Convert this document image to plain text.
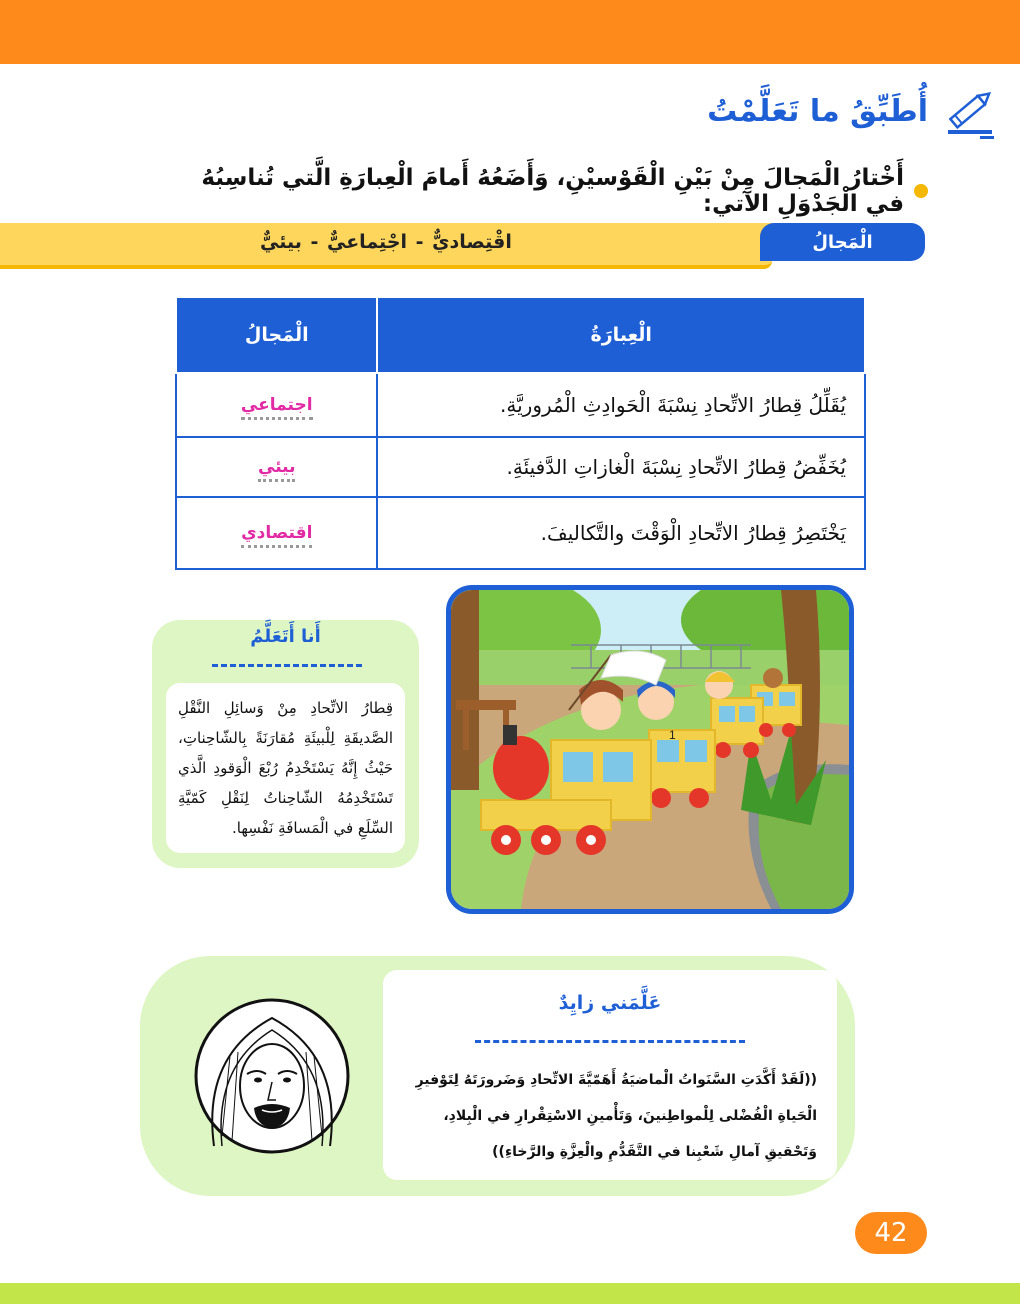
أُطَبِّقُ ما تَعَلَّمْتُ
أَخْتارُ الْمَجالَ مِنْ بَيْنِ الْقَوْسيْنِ، وَأَضَعُهُ أَمامَ الْعِبارَةِ الَّتي تُناسِبُهُ في الْجَدْوَلِ الآتي:
اقْتِصاديٌّ - اجْتِماعيٌّ - بيئيٌّ	الْمَجالُ
الْعِبارَةُ	الْمَجالُ
يُقَلِّلُ قِطارُ الاتِّحادِ نِسْبَةَ الْحَوادِثِ الْمُروريَّةِ.	اجتماعي
يُخَفِّضُ قِطارُ الاتِّحادِ نِسْبَةَ الْغازاتِ الدَّفيئَةِ.	بيئي
يَخْتَصِرُ قِطارُ الاتِّحادِ الْوَقْتَ والتَّكاليفَ.	اقتصادي
أَنا أَتَعَلَّمُ

قِطارُ الاتِّحادِ مِنْ وَسائِلِ النَّقْلِ الصَّديقَةِ لِلْبيئَةِ مُقارَنَةً بِالشّاحِناتِ، حَيْثُ إِنَّهُ يَسْتَخْدِمُ رُبْعَ الْوَقودِ الَّذي تَسْتَخْدِمُهُ الشّاحِناتُ لِنَقْلِ كَمّيَّةِ السِّلَعِ في الْمَسافَةِ نَفْسِها.

1
عَلَّمَني زايِدٌ

((لَقَدْ أَكَّدَتِ السَّنَواتُ الْماضيَةُ أَهَمّيَّةَ الاتِّحادِ وَضَرورَتَهُ لِتَوْفيرِ الْحَياةِ الْفُضْلى لِلْمواطِنينَ، وَتَأْمينِ الاسْتِقْرارِ في الْبِلادِ، وَتَحْقيقِ آمالِ شَعْبِنا في التَّقَدُّمِ والْعِزَّةِ والرَّخاءِ))

42
